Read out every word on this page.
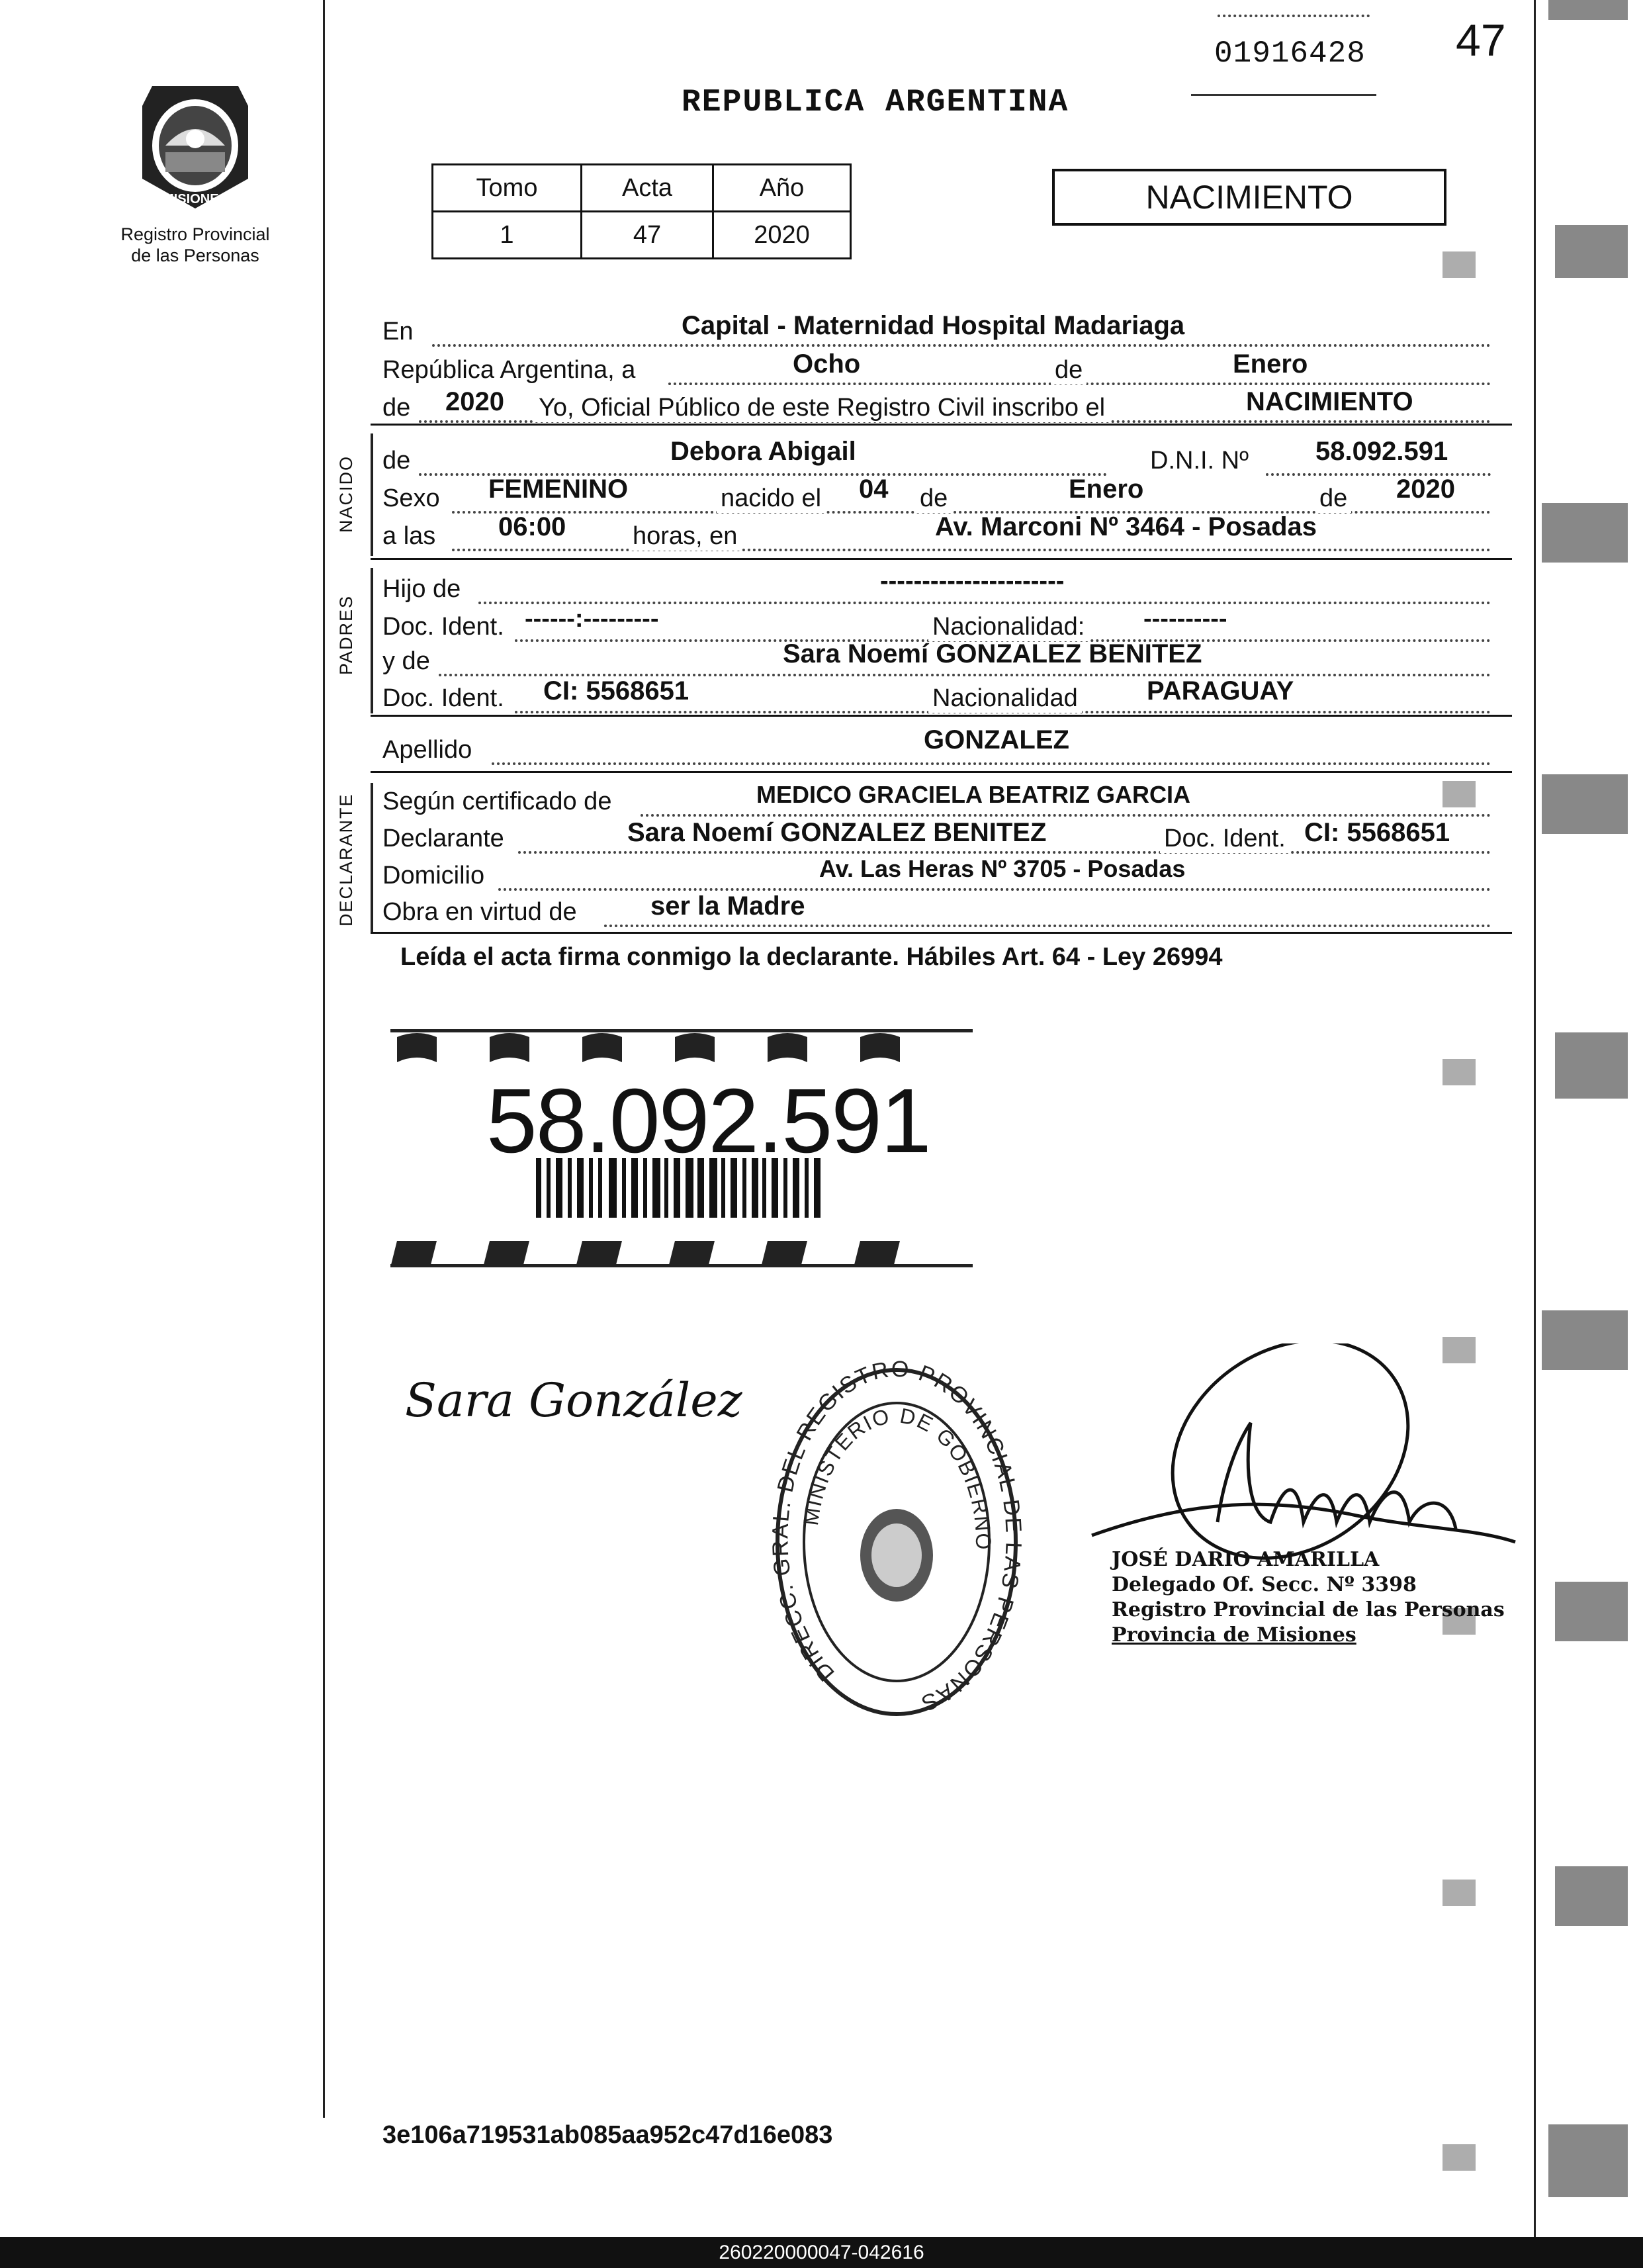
PROVINCIA DE
MISIONES
Registro Provincial
de las Personas
01916428 47
REPUBLICA ARGENTINA
Tomo	Acta	Año
1	47	2020
NACIMIENTO
En	Capital - Maternidad Hospital Madariaga
República Argentina, a	Ocho	de	Enero
de 2020 Yo, Oficial Público de este Registro Civil inscribo el	NACIMIENTO
NACIDO de	Debora Abigail	D.N.I. Nº	58.092.591
Sexo FEMENINO	nacido el 04 de	Enero	de 2020
a las 06:00	horas, en	Av. Marconi Nº 3464 - Posadas
PADRES
Hijo de	----------------------
Doc. Ident. ------:---------	Nacionalidad: ----------
y de	Sara Noemí GONZALEZ BENITEZ
Doc. Ident. CI: 5568651	Nacionalidad	PARAGUAY
Apellido	GONZALEZ
DECLARANTE Según certificado de	MEDICO GRACIELA BEATRIZ GARCIA
Declarante	Sara Noemí GONZALEZ BENITEZ	Doc. Ident. CI: 5568651
Domicilio	Av. Las Heras Nº 3705 - Posadas
Obra en virtud de	ser la Madre
Leída el acta firma conmigo la declarante. Hábiles Art. 64 - Ley 26994
58.092.591
Sara González
DIRECC. GRAL. DEL REGISTRO PROVINCIAL DE LAS PERSONAS
MINISTERIO DE GOBIERNO
JOSÉ DARIO AMARILLA
Delegado Of. Secc. Nº 3398
Registro Provincial de las Personas
Provincia de Misiones
3e106a719531ab085aa952c47d16e083
260220000047-042616
